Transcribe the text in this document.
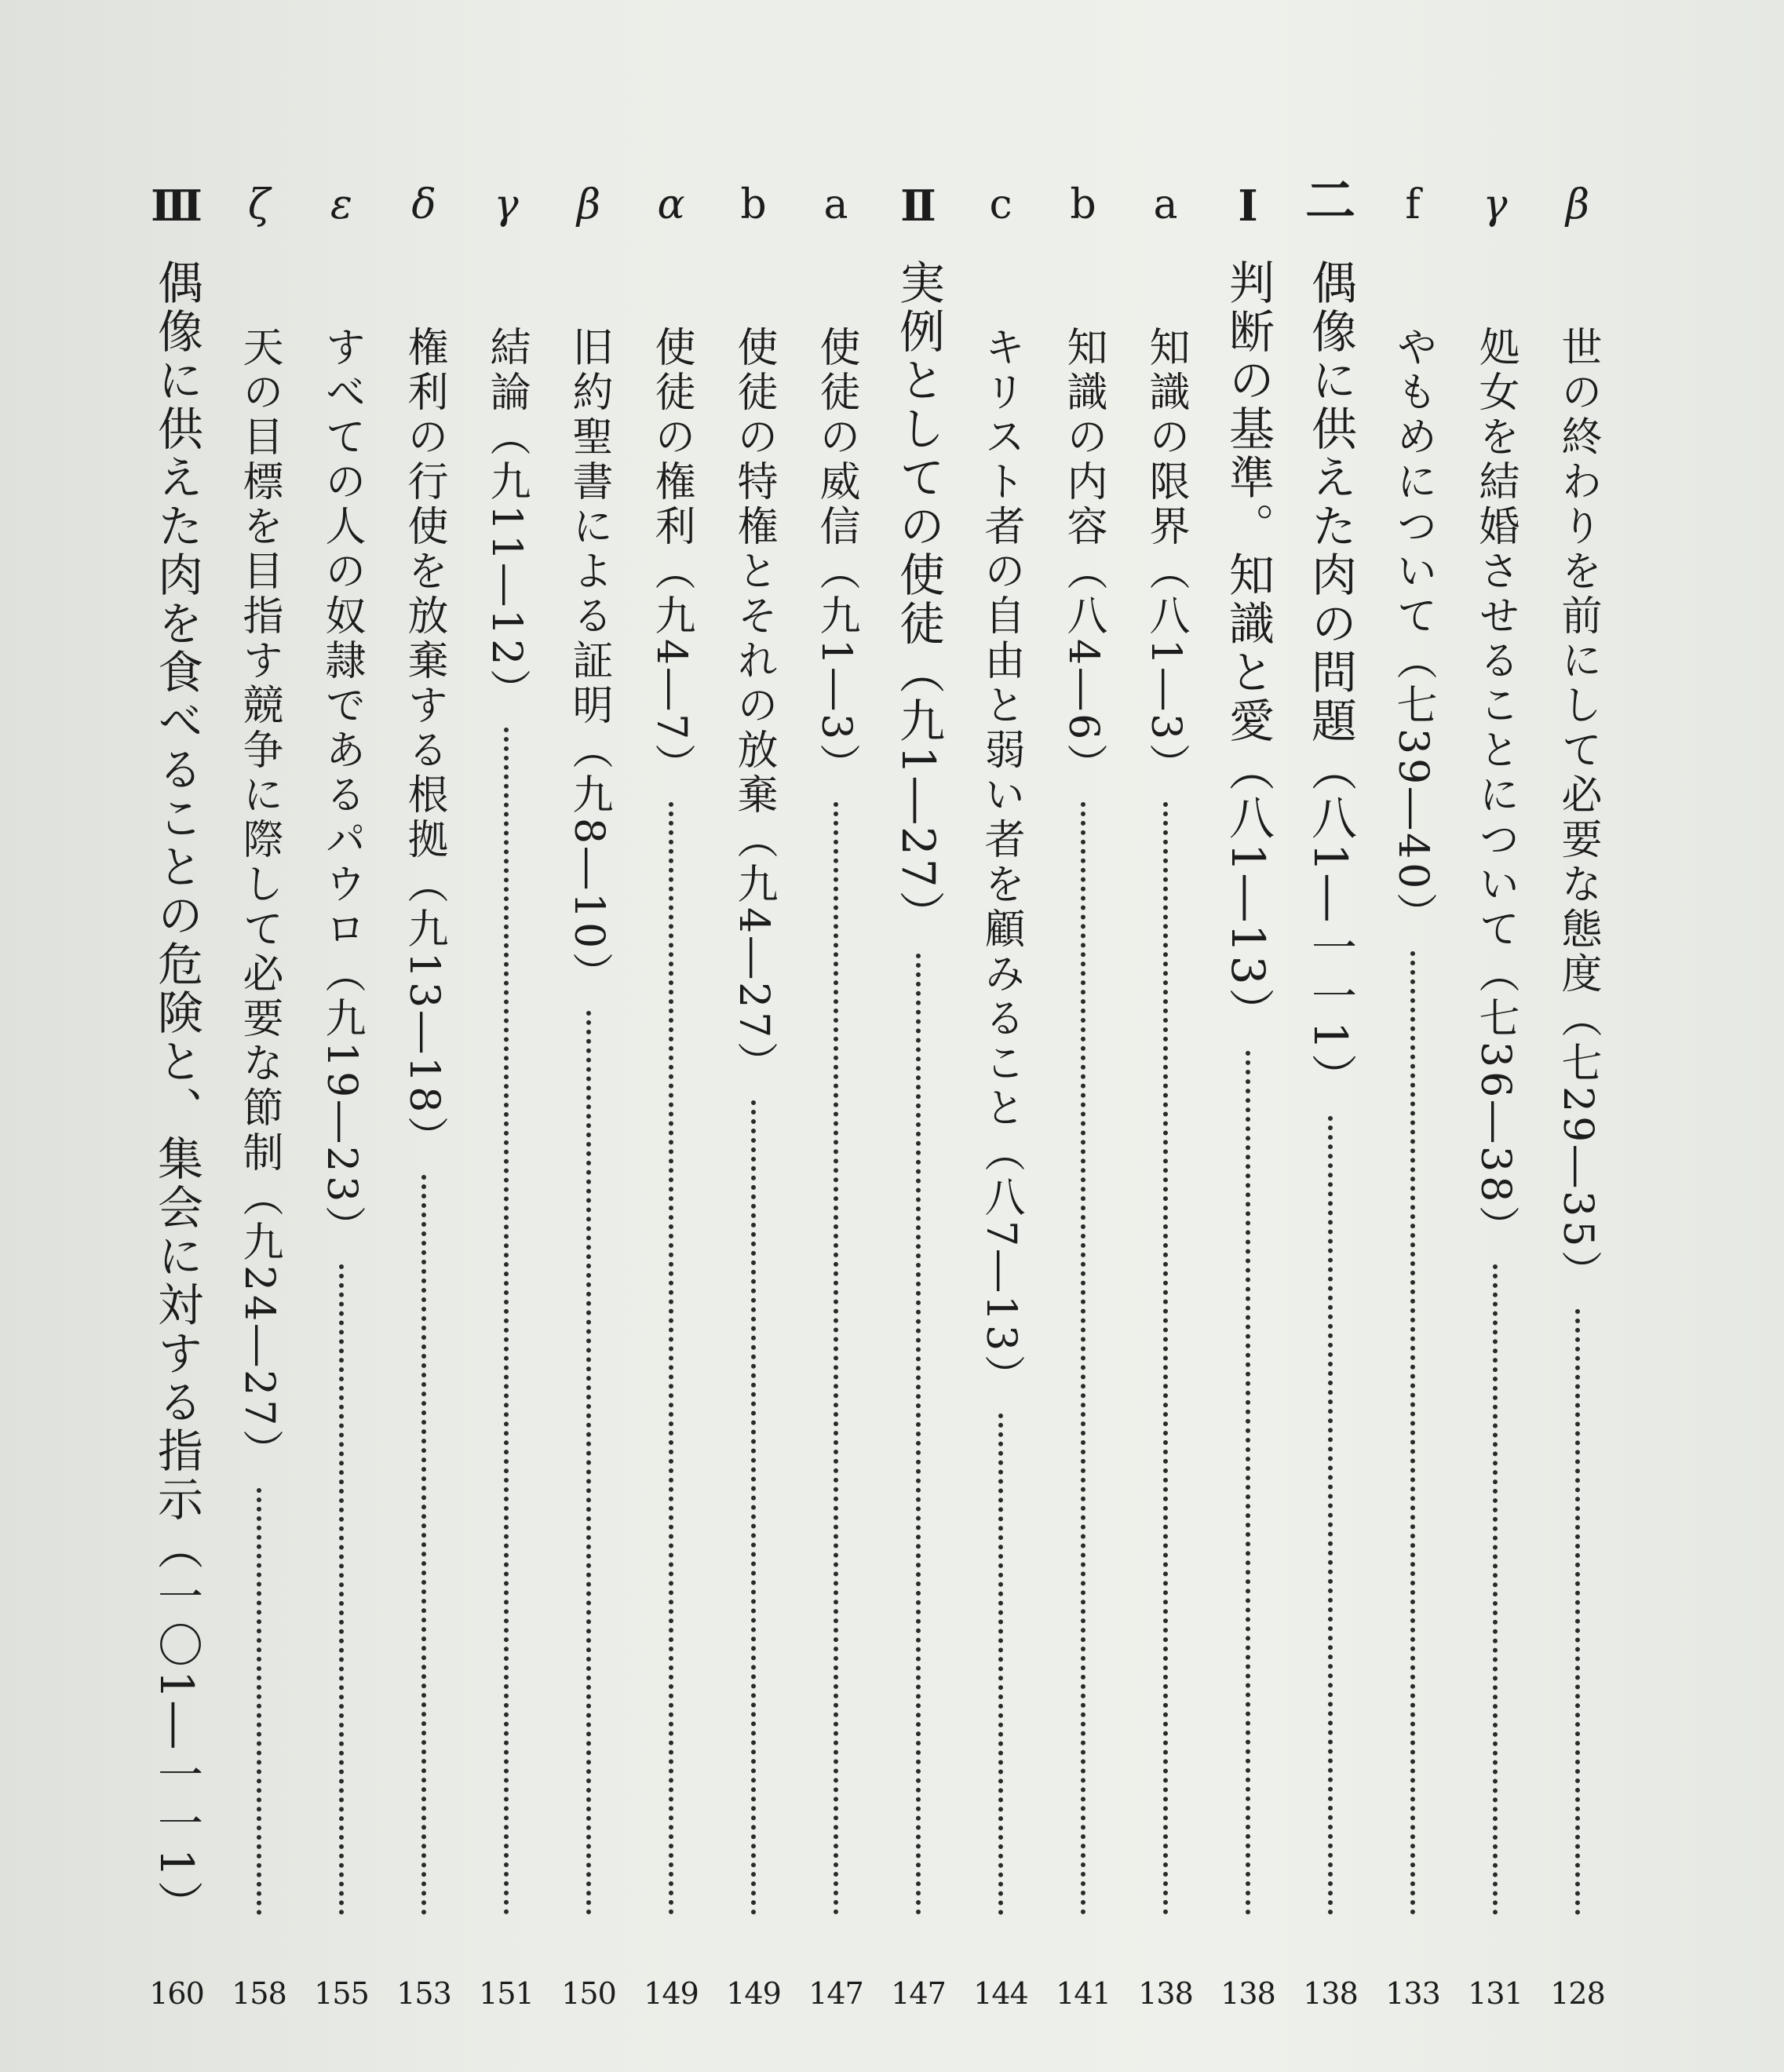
β
世の終わりを前にして必要な態度（七29―35）
128
γ
処女を結婚させることについて（七36―38）
131
f
やもめについて（七39―40）
133
二
偶像に供えた肉の問題（八1―一一1）
138
Ⅰ
判断の基準。知識と愛（八1―13）
138
a
知識の限界（八1―3）
138
b
知識の内容（八4―6）
141
c
キリスト者の自由と弱い者を顧みること（八7―13）
144
Ⅱ
実例としての使徒（九1―27）
147
a
使徒の威信（九1―3）
147
b
使徒の特権とそれの放棄（九4―27）
149
α
使徒の権利（九4―7）
149
β
旧約聖書による証明（九8―10）
150
γ
結論（九11―12）
151
δ
権利の行使を放棄する根拠（九13―18）
153
ε
すべての人の奴隷であるパウロ（九19―23）
155
ζ
天の目標を目指す競争に際して必要な節制（九24―27）
158
Ⅲ
偶像に供えた肉を食べることの危険と、集会に対する指示（一〇1―一一1）
160
